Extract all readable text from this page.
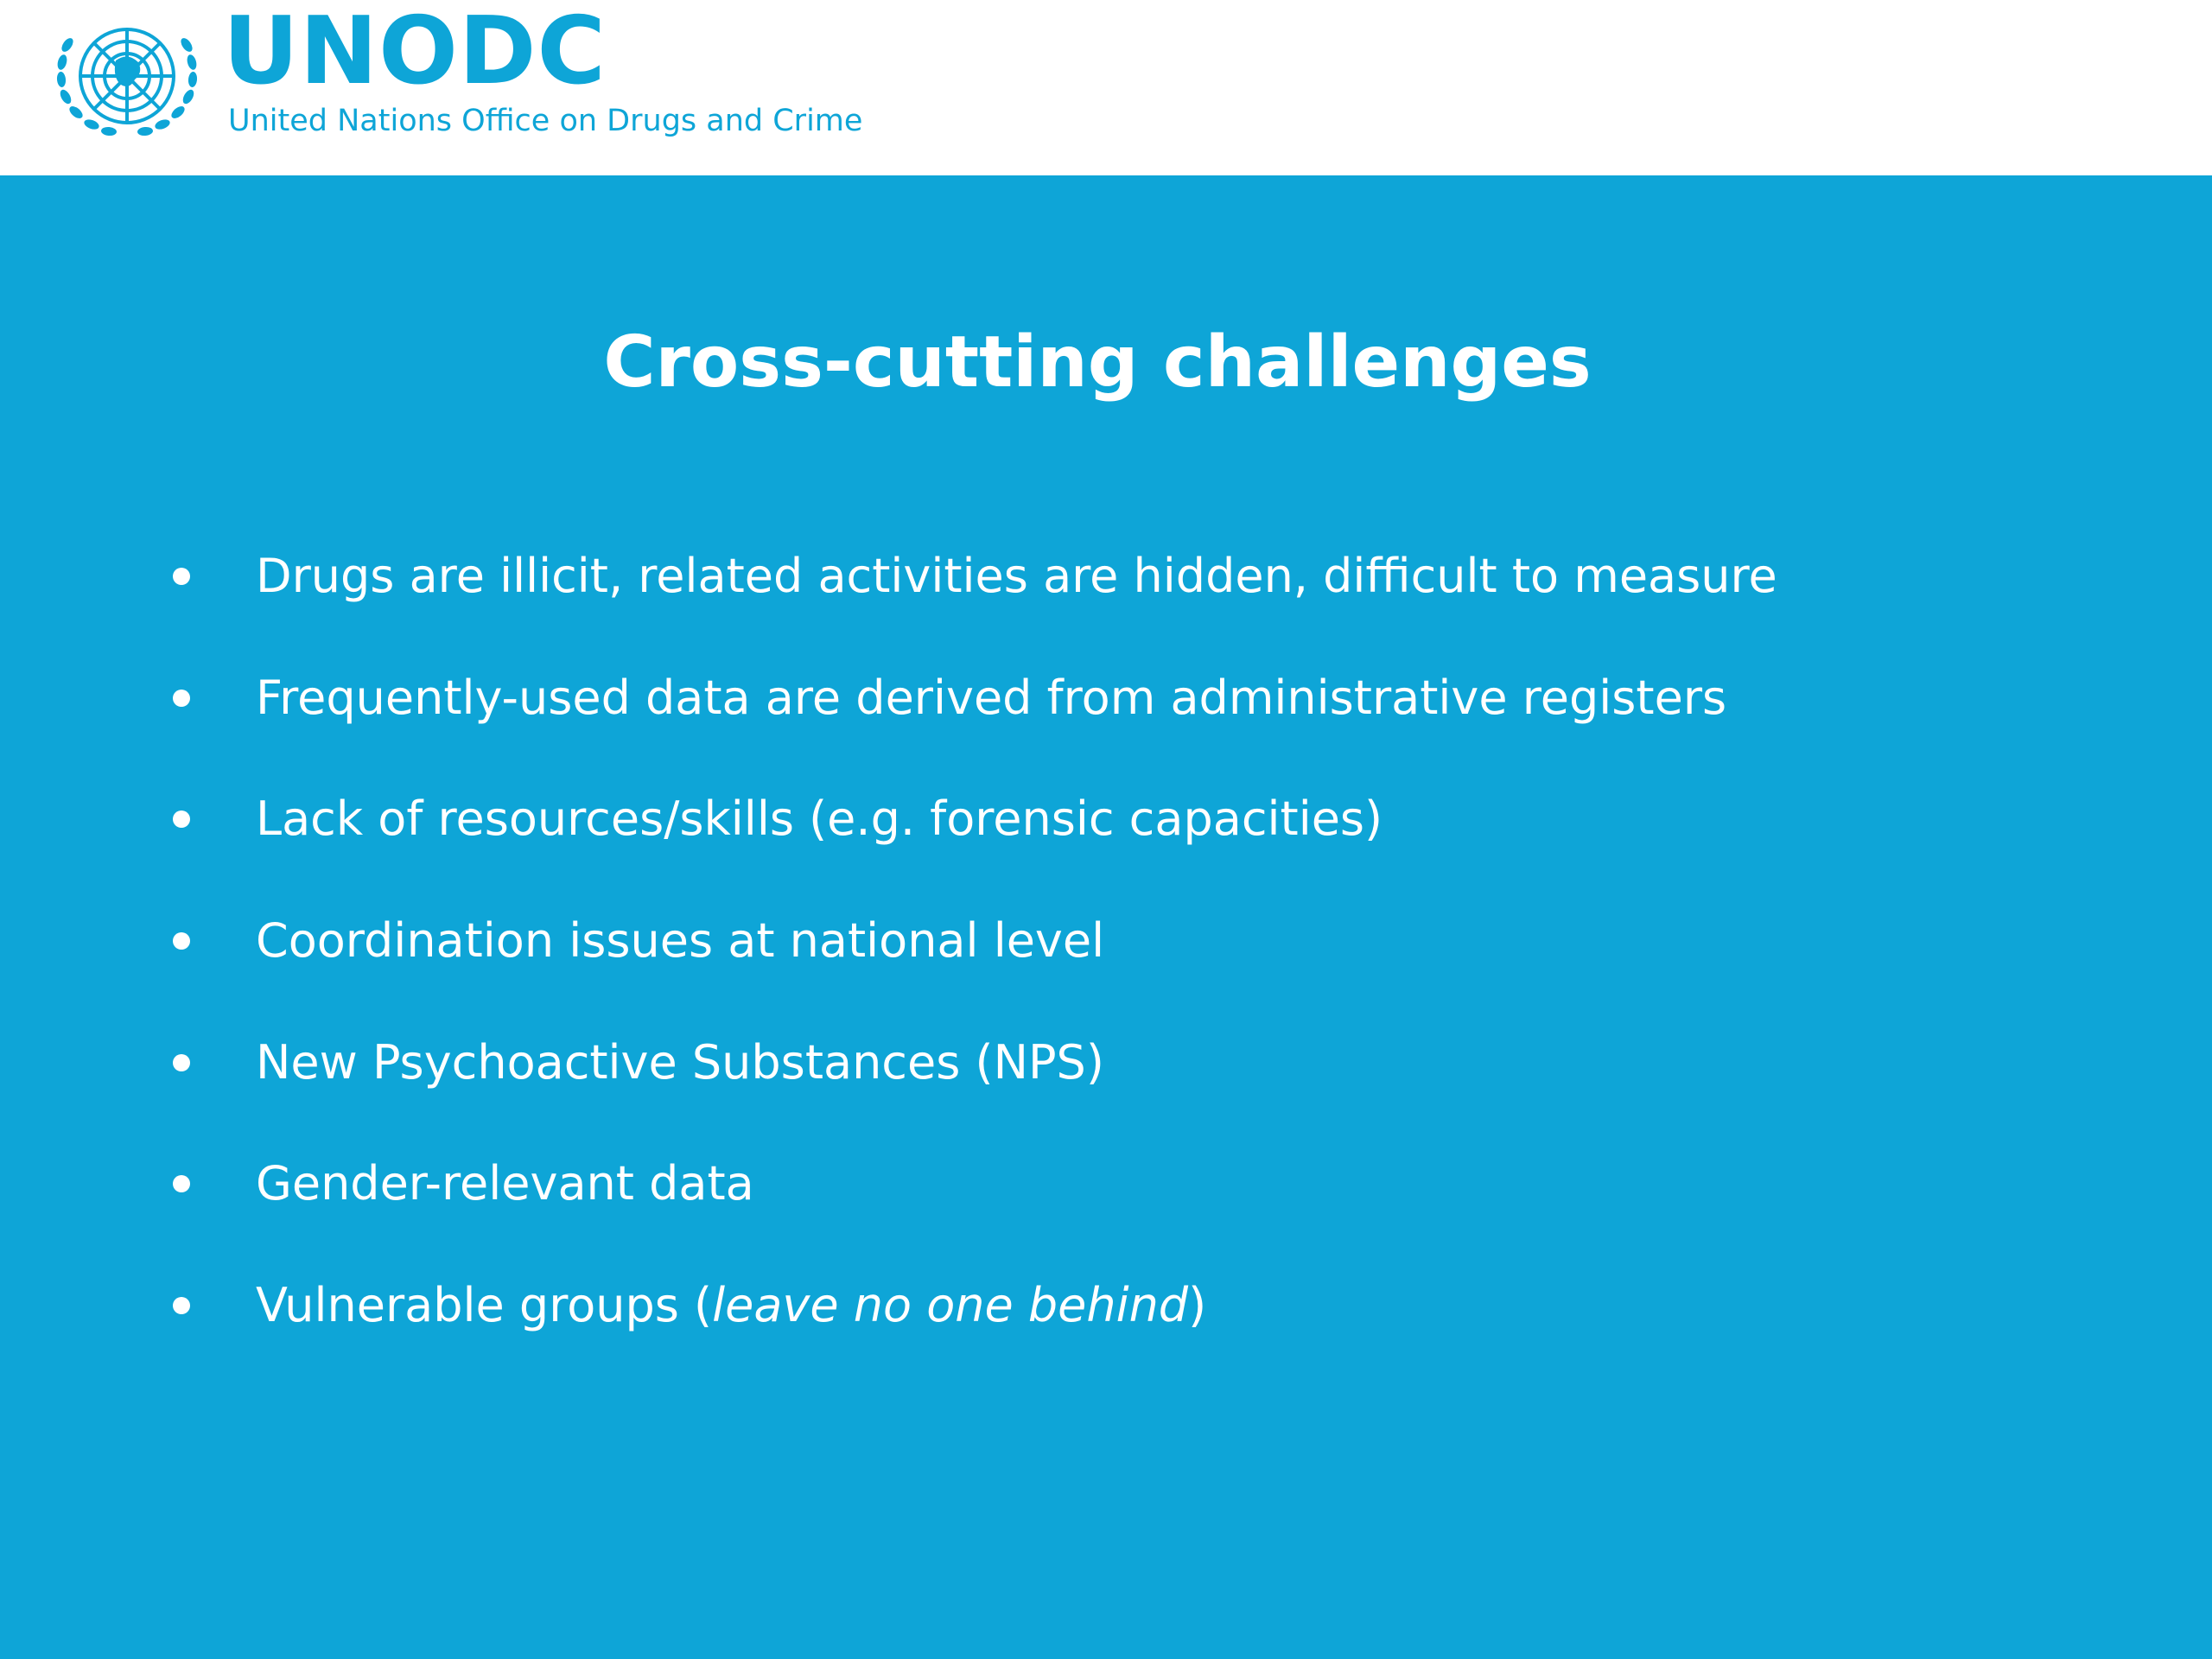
UNODC
United Nations Office on Drugs and Crime
Cross-cutting challenges
Drugs are illicit, related activities are hidden, difficult to measure
Frequently-used data are derived from administrative registers
Lack of resources/skills (e.g. forensic capacities)
Coordination issues at national level
New Psychoactive Substances (NPS)
Gender-relevant data
Vulnerable groups (leave no one behind)
